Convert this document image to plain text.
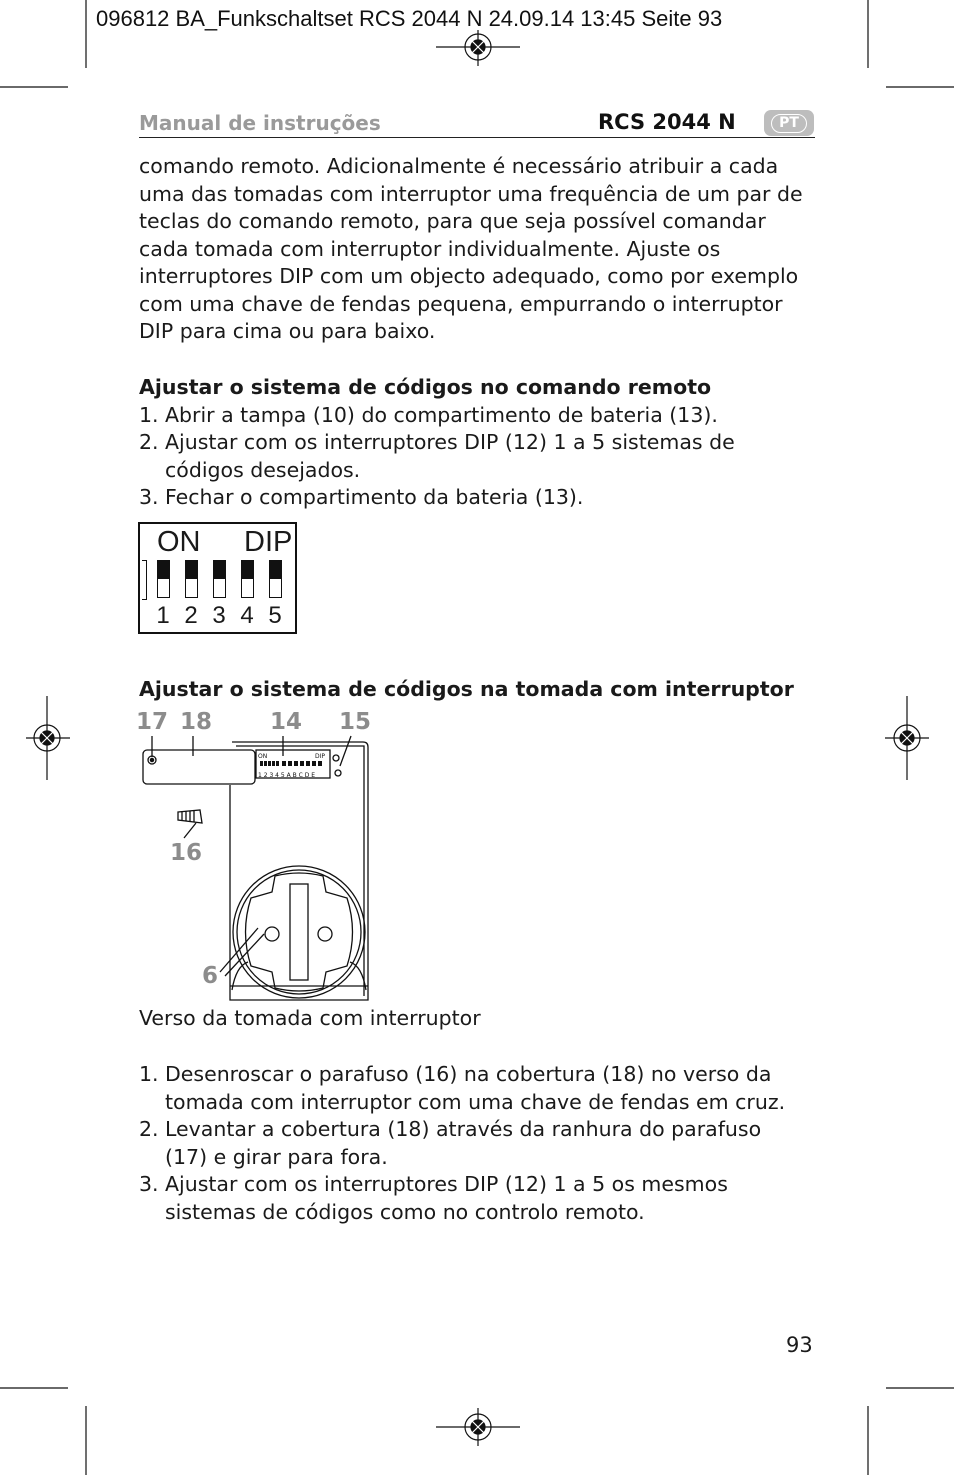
096812 BA_Funkschaltset RCS 2044 N 24.09.14 13:45 Seite 93
Manual de instruções	RCS 2044 N	PT
comando remoto. Adicionalmente é necessário atribuir a cada uma das tomadas com interruptor uma frequência de um par de teclas do comando remoto, para que seja possível comandar cada tomada com interruptor individualmente. Ajuste os interruptores DIP com um objecto adequado, como por exemplo com uma chave de fendas pequena, empurrando o interruptor DIP para cima ou para baixo.
Ajustar o sistema de códigos no comando remoto
1. Abrir a tampa (10) do compartimento de bateria (13).
2. Ajustar com os interruptores DIP (12) 1 a 5 sistemas de códigos desejados.
3. Fechar o compartimento da bateria (13).
ON DIP
1 2 3 4 5
Ajustar o sistema de códigos na tomada com interruptor
17 18	14 15
16
6
ON	DIP
1 2 3 4 5 A B C D E
Verso da tomada com interruptor
1. Desenroscar o parafuso (16) na cobertura (18) no verso da tomada com interruptor com uma chave de fendas em cruz.
2. Levantar a cobertura (18) através da ranhura do parafuso (17) e girar para fora.
3. Ajustar com os interruptores DIP (12) 1 a 5 os mesmos sistemas de códigos como no controlo remoto.
93
